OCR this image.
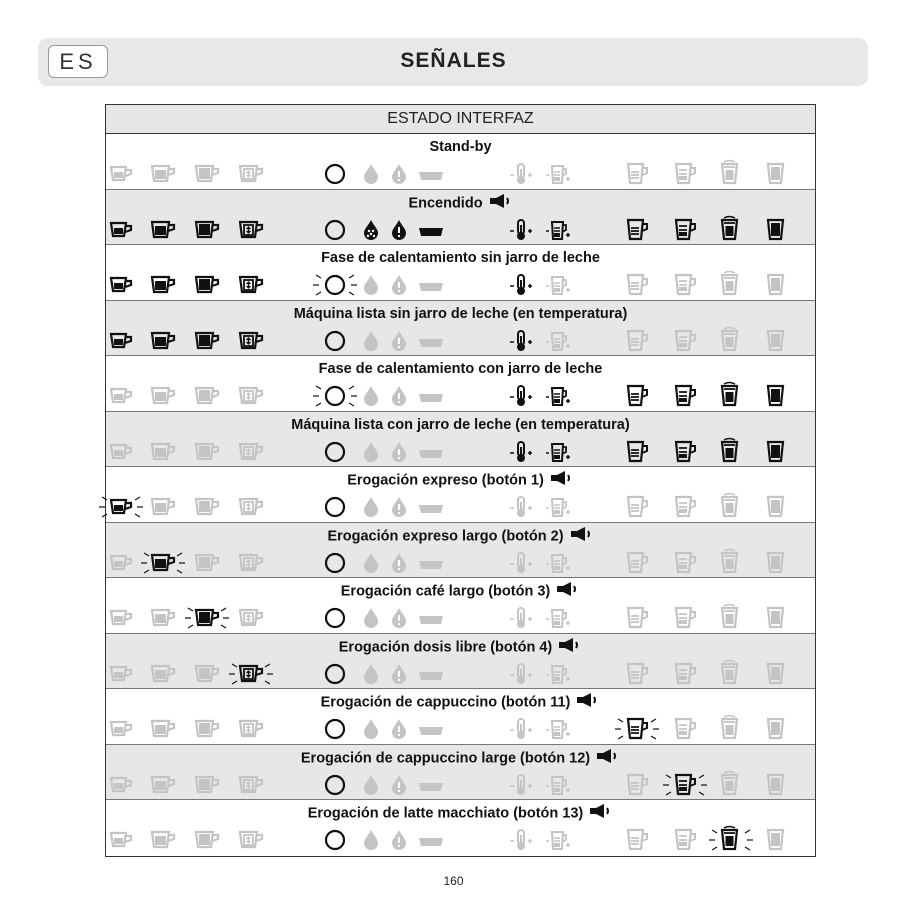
ES	SEÑALES
ESTADO INTERFAZ
Stand-by
Encendido
Fase de calentamiento sin jarro de leche
Máquina lista sin jarro de leche (en temperatura)
Fase de calentamiento con jarro de leche
Máquina lista con jarro de leche (en temperatura)
Erogación expreso (botón 1)
Erogación expreso largo (botón 2)
Erogación café largo (botón 3)
Erogación dosis libre (botón 4)
Erogación de cappuccino (botón 11)
Erogación de cappuccino large (botón 12)
Erogación de latte macchiato (botón 13)
160
